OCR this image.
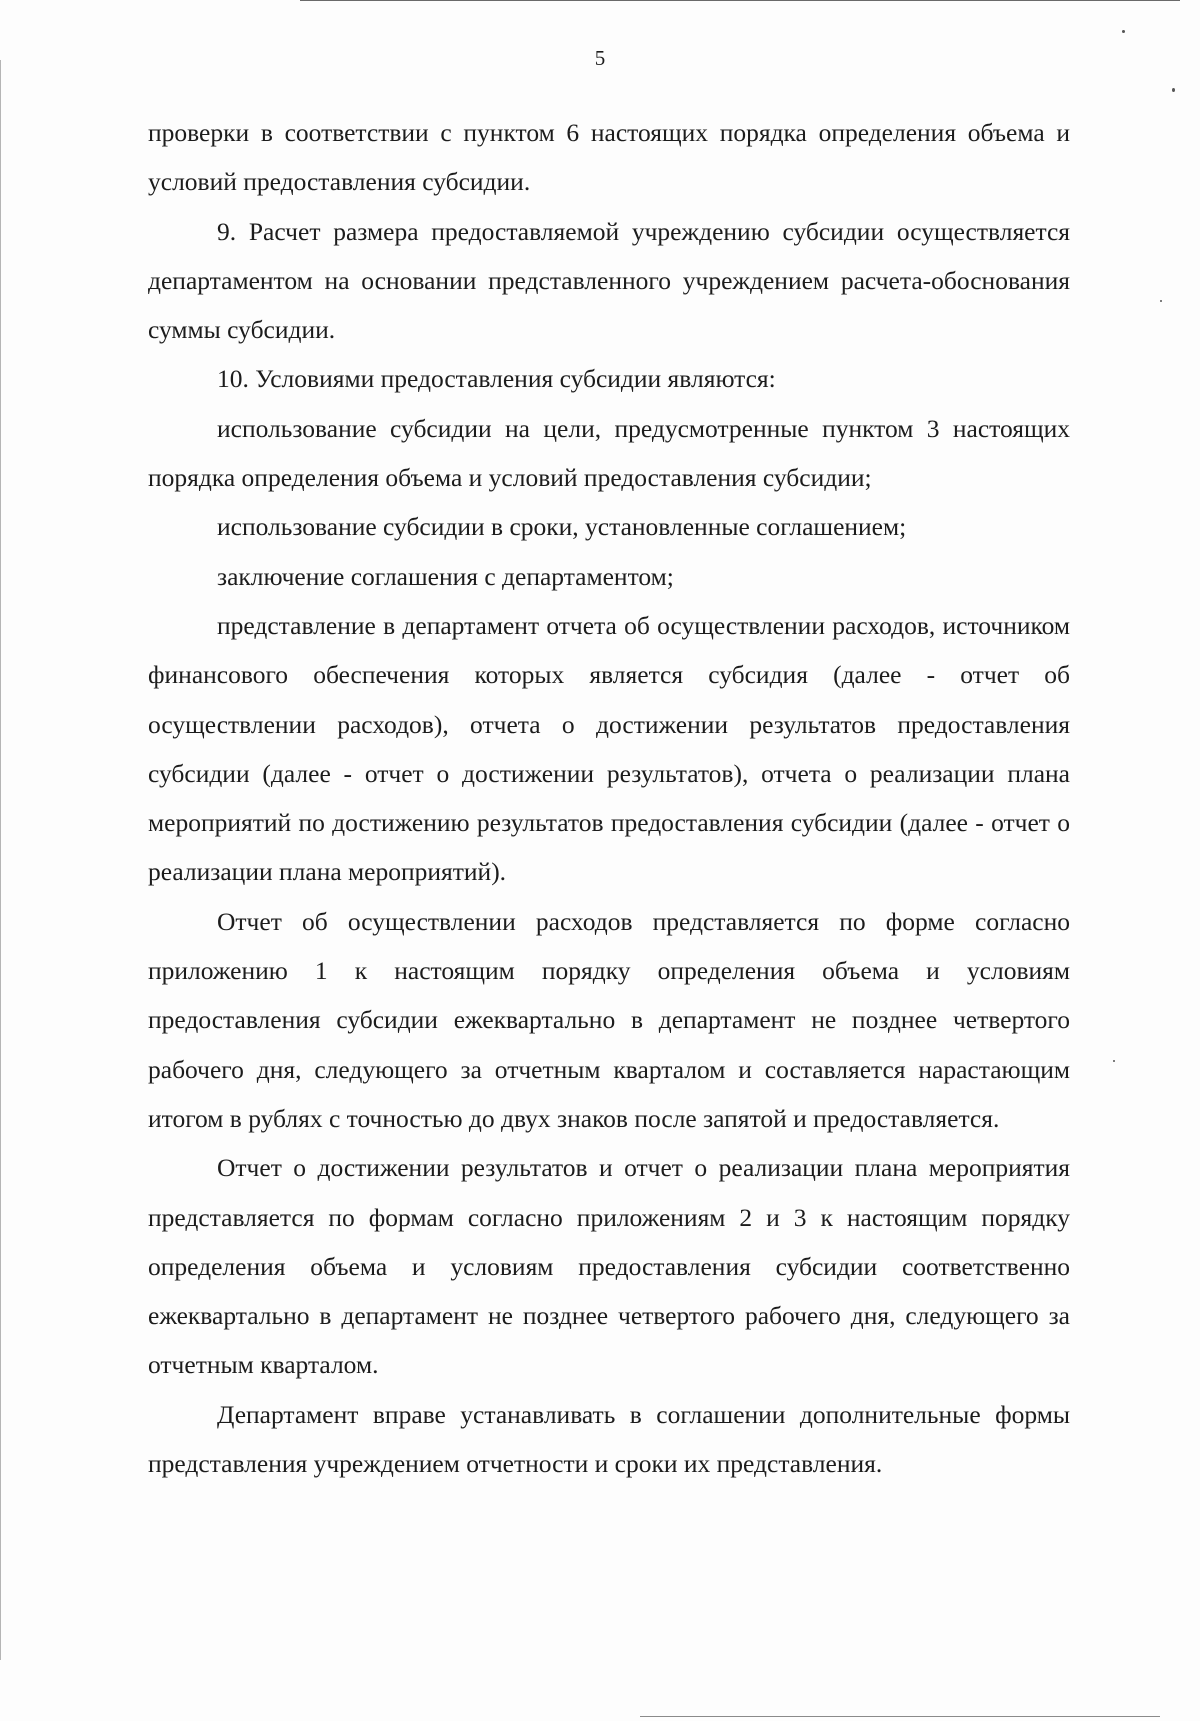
5

проверки в соответствии с пунктом 6 настоящих порядка определения объема и условий предоставления субсидии.

9. Расчет размера предоставляемой учреждению субсидии осуществляется департаментом на основании представленного учреждением расчета-обоснования суммы субсидии.

10. Условиями предоставления субсидии являются:

использование субсидии на цели, предусмотренные пунктом 3 настоящих порядка определения объема и условий предоставления субсидии;

использование субсидии в сроки, установленные соглашением;

заключение соглашения с департаментом;

представление в департамент отчета об осуществлении расходов, источником финансового обеспечения которых является субсидия (далее - отчет об осуществлении расходов), отчета о достижении результатов предоставления субсидии (далее - отчет о достижении результатов), отчета о реализации плана мероприятий по достижению результатов предоставления субсидии (далее - отчет о реализации плана мероприятий).

Отчет об осуществлении расходов представляется по форме согласно приложению 1 к настоящим порядку определения объема и условиям предоставления субсидии ежеквартально в департамент не позднее четвертого рабочего дня, следующего за отчетным кварталом и составляется нарастающим итогом в рублях с точностью до двух знаков после запятой и предоставляется.

Отчет о достижении результатов и отчет о реализации плана мероприятия представляется по формам согласно приложениям 2 и 3 к настоящим порядку определения объема и условиям предоставления субсидии соответственно ежеквартально в департамент не позднее четвертого рабочего дня, следующего за отчетным кварталом.

Департамент вправе устанавливать в соглашении дополнительные формы представления учреждением отчетности и сроки их представления.
